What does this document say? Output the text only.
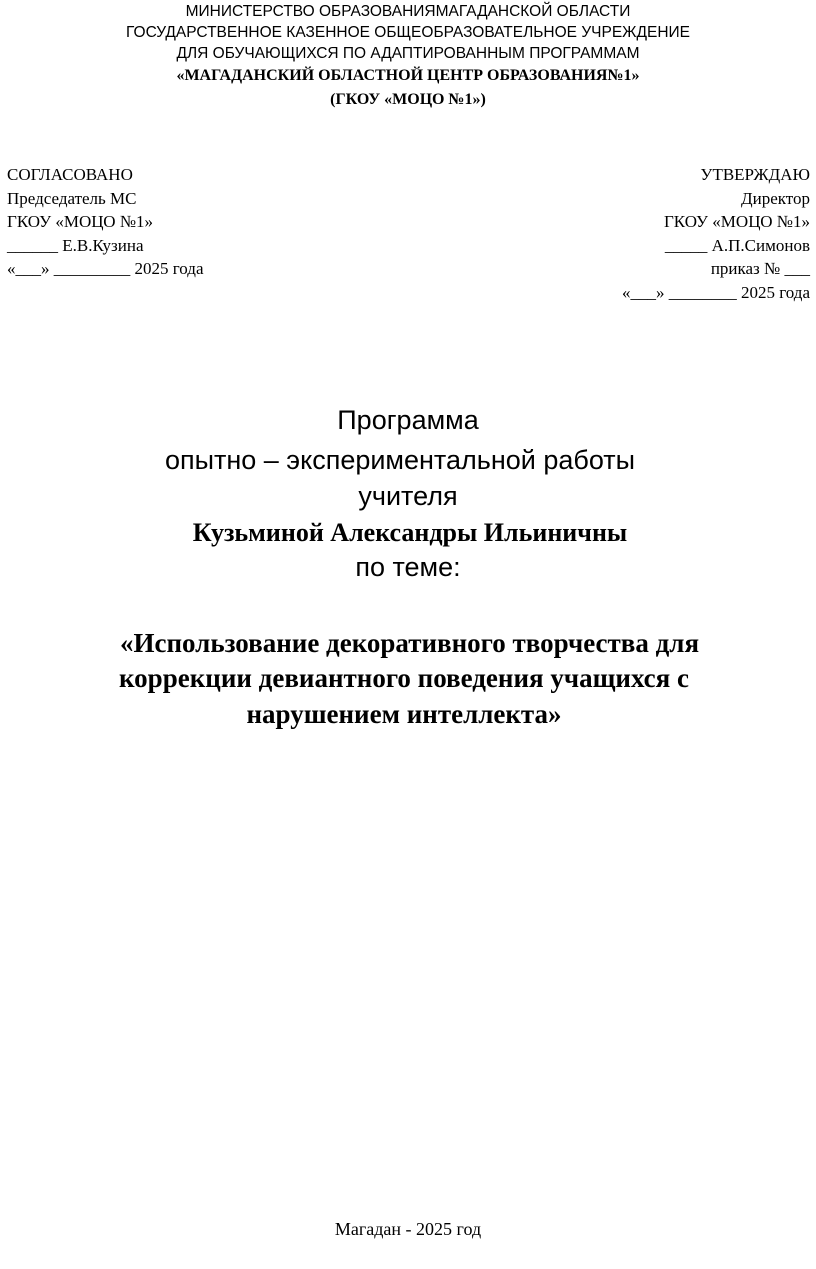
МИНИСТЕРСТВО ОБРАЗОВАНИЯМАГАДАНСКОЙ ОБЛАСТИ
ГОСУДАРСТВЕННОЕ КАЗЕННОЕ ОБЩЕОБРАЗОВАТЕЛЬНОЕ УЧРЕЖДЕНИЕ
ДЛЯ ОБУЧАЮЩИХСЯ ПО АДАПТИРОВАННЫМ ПРОГРАММАМ
«МАГАДАНСКИЙ ОБЛАСТНОЙ ЦЕНТР ОБРАЗОВАНИЯ№1»
(ГКОУ «МОЦО №1»)
СОГЛАСОВАНО
Председатель МС
ГКОУ «МОЦО №1»
______ Е.В.Кузина
«___» _________ 2025 года
УТВЕРЖДАЮ
Директор
ГКОУ «МОЦО №1»
_____ А.П.Симонов
приказ № ___
«___» ________ 2025 года
Программа
опытно – экспериментальной работы
учителя
Кузьминой Александры Ильиничны
по теме:
«Использование декоративного творчества для
коррекции девиантного поведения учащихся с
нарушением интеллекта»
Магадан - 2025 год
